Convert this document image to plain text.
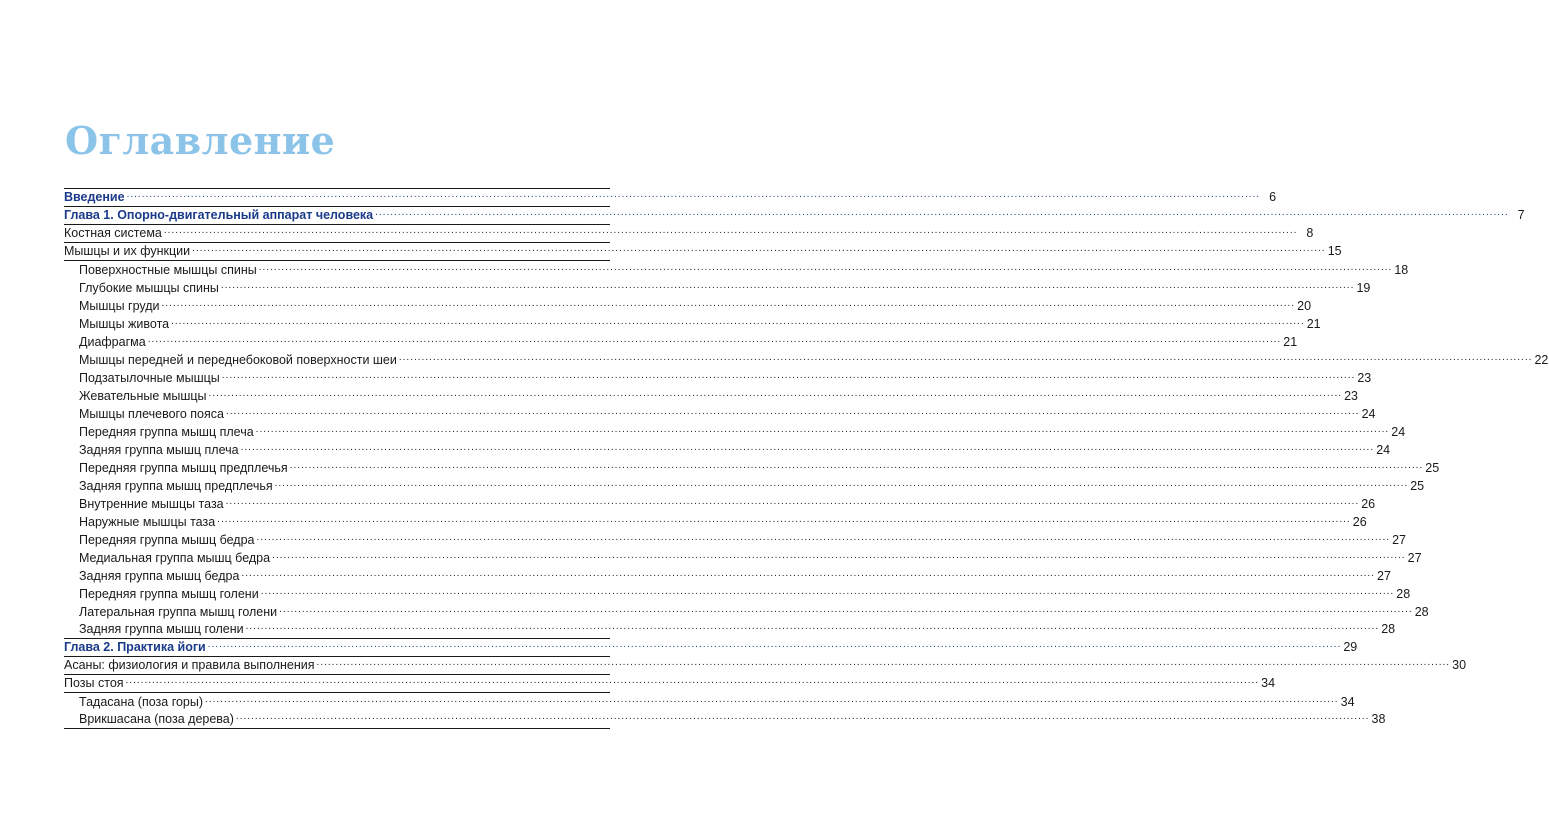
Оглавление
Введение ............................................................................................................................................................................................................................................................................................................ 6
Глава 1. Опорно-двигательный аппарат человека ............................................................................................................................................................................................................................................................................................................ 7
Костная система ............................................................................................................................................................................................................................................................................................................ 8
Мышцы и их функции ............................................................................................................................................................................................................................................................................................................ 15
Поверхностные мышцы спины ............................................................................................................................................................................................................................................................................................................ 18
Глубокие мышцы спины ............................................................................................................................................................................................................................................................................................................ 19
Мышцы груди ............................................................................................................................................................................................................................................................................................................ 20
Мышцы живота ............................................................................................................................................................................................................................................................................................................ 21
Диафрагма ............................................................................................................................................................................................................................................................................................................ 21
Мышцы передней и переднебоковой поверхности шеи ............................................................................................................................................................................................................................................................................................................ 22
Подзатылочные мышцы ............................................................................................................................................................................................................................................................................................................ 23
Жевательные мышцы ............................................................................................................................................................................................................................................................................................................ 23
Мышцы плечевого пояса ............................................................................................................................................................................................................................................................................................................ 24
Передняя группа мышц плеча ............................................................................................................................................................................................................................................................................................................ 24
Задняя группа мышц плеча ............................................................................................................................................................................................................................................................................................................ 24
Передняя группа мышц предплечья ............................................................................................................................................................................................................................................................................................................ 25
Задняя группа мышц предплечья ............................................................................................................................................................................................................................................................................................................ 25
Внутренние мышцы таза ............................................................................................................................................................................................................................................................................................................ 26
Наружные мышцы таза ............................................................................................................................................................................................................................................................................................................ 26
Передняя группа мышц бедра ............................................................................................................................................................................................................................................................................................................ 27
Медиальная группа мышц бедра ............................................................................................................................................................................................................................................................................................................ 27
Задняя группа мышц бедра ............................................................................................................................................................................................................................................................................................................ 27
Передняя группа мышц голени ............................................................................................................................................................................................................................................................................................................ 28
Латеральная группа мышц голени ............................................................................................................................................................................................................................................................................................................ 28
Задняя группа мышц голени ............................................................................................................................................................................................................................................................................................................ 28
Глава 2. Практика йоги ............................................................................................................................................................................................................................................................................................................ 29
Асаны: физиология и правила выполнения ............................................................................................................................................................................................................................................................................................................ 30
Позы стоя ............................................................................................................................................................................................................................................................................................................ 34
Тадасана (поза горы) ............................................................................................................................................................................................................................................................................................................ 34
Врикшасана (поза дерева) ............................................................................................................................................................................................................................................................................................................ 38
